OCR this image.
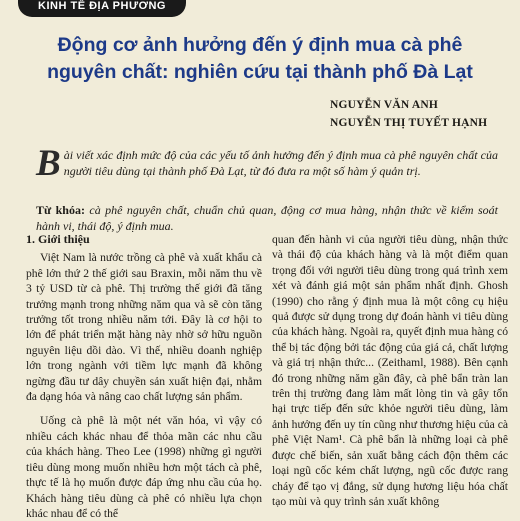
KINH TẾ ĐỊA PHƯƠNG
Động cơ ảnh hưởng đến ý định mua cà phê
nguyên chất: nghiên cứu tại thành phố Đà Lạt
NGUYỄN VĂN ANH
NGUYỄN THỊ TUYẾT HẠNH

Bài viết xác định mức độ của các yếu tố ảnh hưởng đến ý định mua cà phê nguyên chất của người tiêu dùng tại thành phố Đà Lạt, từ đó đưa ra một số hàm ý quản trị.

Từ khóa: cà phê nguyên chất, chuẩn chủ quan, động cơ mua hàng, nhận thức về kiểm soát hành vi, thái độ, ý định mua.

1. Giới thiệu

Việt Nam là nước trồng cà phê và xuất khẩu cà phê lớn thứ 2 thế giới sau Braxin, mỗi năm thu về 3 tỷ USD từ cà phê. Thị trường thế giới đã tăng trưởng mạnh trong những năm qua và sẽ còn tăng trưởng tốt trong nhiều năm tới. Đây là cơ hội to lớn để phát triển mặt hàng này nhờ sở hữu nguồn nguyên liệu dồi dào. Vì thế, nhiều doanh nghiệp lớn trong ngành với tiềm lực mạnh đã không ngừng đầu tư dây chuyền sản xuất hiện đại, nhằm đa dạng hóa và nâng cao chất lượng sản phẩm.

Uống cà phê là một nét văn hóa, vì vậy có nhiều cách khác nhau để thỏa mãn các nhu cầu của khách hàng. Theo Lee (1998) những gì người tiêu dùng mong muốn nhiều hơn một tách cà phê, thực tế là họ muốn được đáp ứng nhu cầu của họ. Khách hàng tiêu dùng cà phê có nhiều lựa chọn khác nhau để có thể

quan đến hành vi của người tiêu dùng, nhận thức và thái độ của khách hàng và là một điểm quan trọng đối với người tiêu dùng trong quá trình xem xét và đánh giá một sản phẩm nhất định. Ghosh (1990) cho rằng ý định mua là một công cụ hiệu quả được sử dụng trong dự đoán hành vi tiêu dùng của khách hàng. Ngoài ra, quyết định mua hàng có thể bị tác động bởi tác động của giá cả, chất lượng và giá trị nhận thức... (Zeithaml, 1988). Bên cạnh đó trong những năm gần đây, cà phê bẩn tràn lan trên thị trường đang làm mất lòng tin và gây tổn hại trực tiếp đến sức khỏe người tiêu dùng, làm ảnh hưởng đến uy tín cũng như thương hiệu của cà phê Việt Nam¹. Cà phê bẩn là những loại cà phê được chế biến, sản xuất bằng cách độn thêm các loại ngũ cốc kém chất lượng, ngũ cốc được rang cháy để tạo vị đắng, sử dụng hương liệu hóa chất tạo mùi và quy trình sản xuất không
